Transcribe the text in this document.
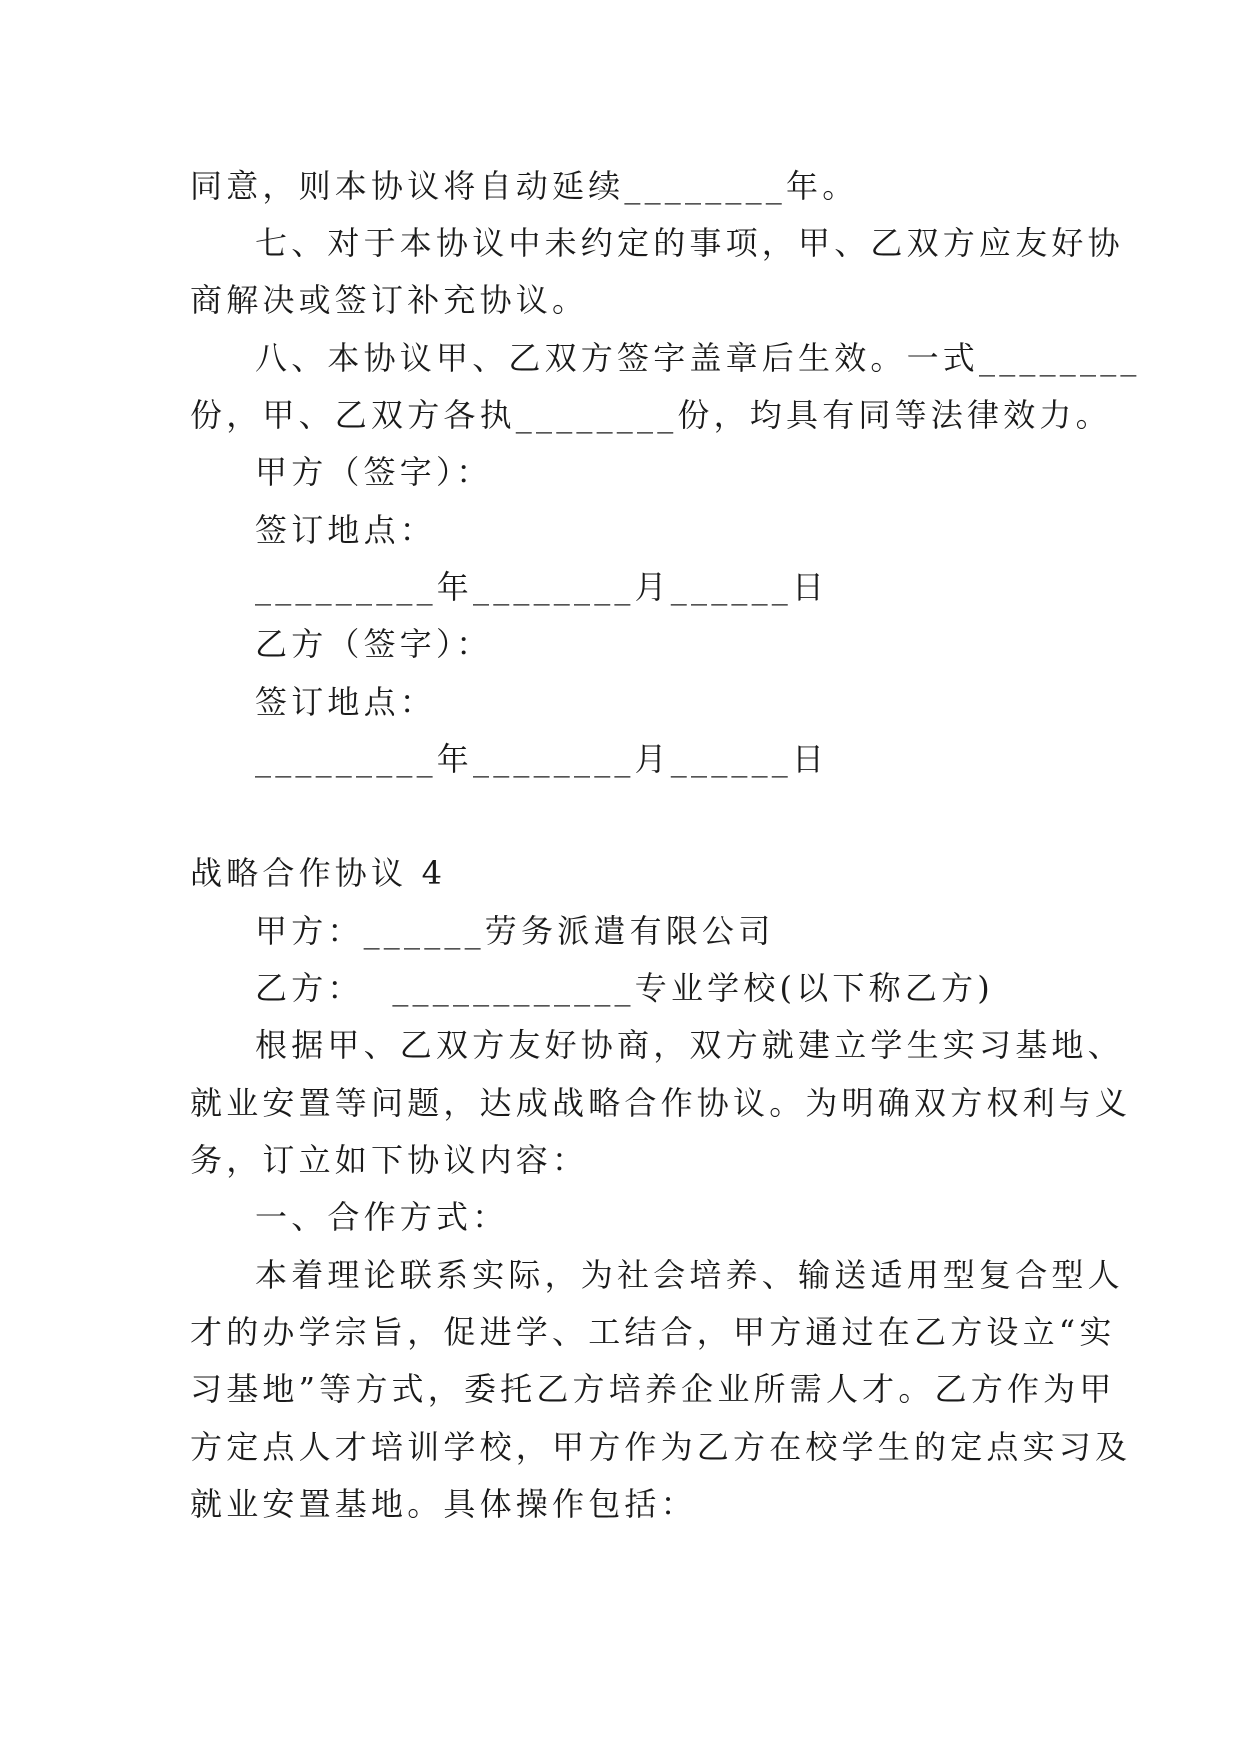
同意，则本协议将自动延续________年。

七、对于本协议中未约定的事项，甲、乙双方应友好协

商解决或签订补充协议。

八、本协议甲、乙双方签字盖章后生效。一式________

份，甲、乙双方各执________份，均具有同等法律效力。

甲方（签字）：

签订地点：

_________年________月______日

乙方（签字）：

签订地点：

_________年________月______日

战略合作协议 4

甲方：______劳务派遣有限公司

乙方：  ____________专业学校(以下称乙方)

根据甲、乙双方友好协商，双方就建立学生实习基地、

就业安置等问题，达成战略合作协议。为明确双方权利与义

务，订立如下协议内容：

一、合作方式：

本着理论联系实际，为社会培养、输送适用型复合型人

才的办学宗旨，促进学、工结合，甲方通过在乙方设立“实

习基地”等方式，委托乙方培养企业所需人才。乙方作为甲

方定点人才培训学校，甲方作为乙方在校学生的定点实习及

就业安置基地。具体操作包括：
